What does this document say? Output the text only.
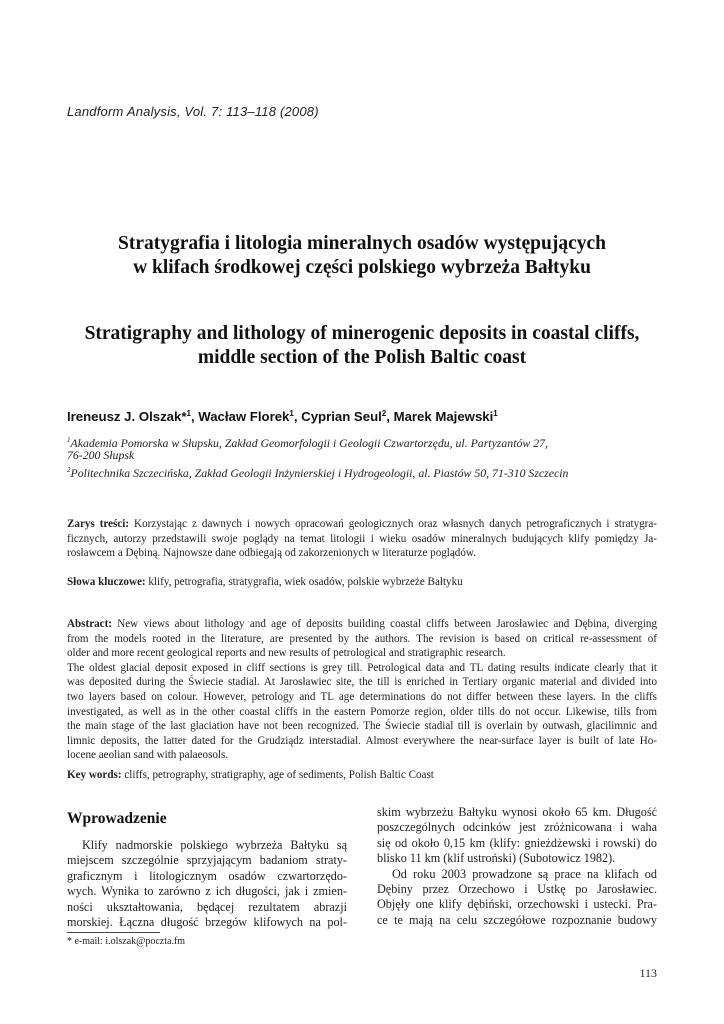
Landform Analysis, Vol. 7: 113–118 (2008)
Stratygrafia i litologia mineralnych osadów występujących
w klifach środkowej części polskiego wybrzeża Bałtyku
Stratigraphy and lithology of minerogenic deposits in coastal cliffs,
middle section of the Polish Baltic coast
Ireneusz J. Olszak*$^1$, Wacław Florek$^1$, Cyprian Seul$^2$, Marek Majewski$^1$
$^1$Akademia Pomorska w Słupsku, Zakład Geomorfologii i Geologii Czwartorzędu, ul. Partyzantów 27,
76-200 Słupsk
$^2$Politechnika Szczecińska, Zakład Geologii Inżynierskiej i Hydrogeologii, al. Piastów 50, 71-310 Szczecin
Zarys treści: Korzystając z dawnych i nowych opracowań geologicznych oraz własnych danych petrograficznych i stratygra-
ficznych, autorzy przedstawili swoje poglądy na temat litologii i wieku osadów mineralnych budujących klify pomiędzy Ja-
rosławcem a Dębiną. Najnowsze dane odbiegają od zakorzenionych w literaturze poglądów.
Słowa kluczowe: klify, petrografia, stratygrafia, wiek osadów, polskie wybrzeże Bałtyku
Abstract: New views about lithology and age of deposits building coastal cliffs between Jarosławiec and Dębina, diverging
from the models rooted in the literature, are presented by the authors. The revision is based on critical re-assessment of
older and more recent geological reports and new results of petrological and stratigraphic research.
The oldest glacial deposit exposed in cliff sections is grey till. Petrological data and TL dating results indicate clearly that it
was deposited during the Świecie stadial. At Jarosławiec site, the till is enriched in Tertiary organic material and divided into
two layers based on colour. However, petrology and TL age determinations do not differ between these layers. In the cliffs
investigated, as well as in the other coastal cliffs in the eastern Pomorze region, older tills do not occur. Likewise, tills from
the main stage of the last glaciation have not been recognized. The Świecie stadial till is overlain by outwash, glacilimnic and
limnic deposits, the latter dated for the Grudziądz interstadial. Almost everywhere the near-surface layer is built of late Ho-
locene aeolian sand with palaeosols.
Key words: cliffs, petrography, stratigraphy, age of sediments, Polish Baltic Coast
Wprowadzenie
Klify nadmorskie polskiego wybrzeża Bałtyku są
miejscem szczególnie sprzyjającym badaniom straty-
graficznym i litologicznym osadów czwartorzędo-
wych. Wynika to zarówno z ich długości, jak i zmien-
ności ukształtowania, będącej rezultatem abrazji
morskiej. Łączna długość brzegów klifowych na pol-
skim wybrzeżu Bałtyku wynosi około 65 km. Długość
poszczególnych odcinków jest zróżnicowana i waha
się od około 0,15 km (klify: gnieżdżewski i rowski) do
blisko 11 km (klif ustroński) (Subotowicz 1982).
Od roku 2003 prowadzone są prace na klifach od
Dębiny przez Orzechowo i Ustkę po Jarosławiec.
Objęły one klify dębiński, orzechowski i ustecki. Pra-
ce te mają na celu szczegółowe rozpoznanie budowy
* e-mail: i.olszak@poczta.fm
113
